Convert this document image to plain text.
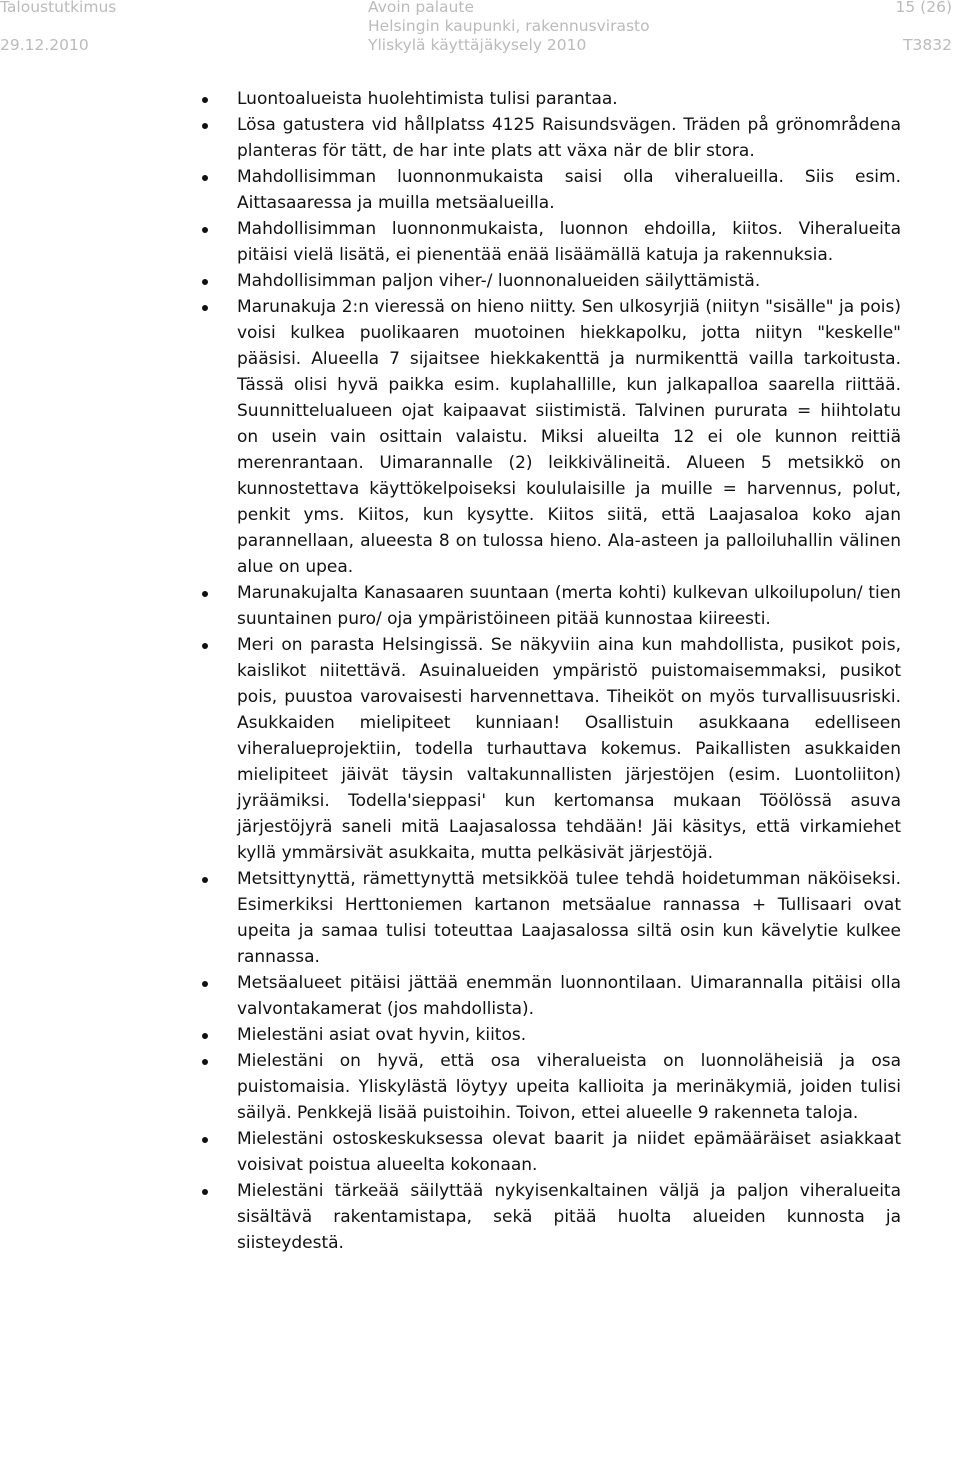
Taloustutkimus
29.12.2010
Avoin palaute
Helsingin kaupunki, rakennusvirasto
Yliskylä käyttäjäkysely 2010
15 (26)
T3832
Luontoalueista huolehtimista tulisi parantaa.
Lösa gatustera vid hållplatss 4125 Raisundsvägen. Träden på grönområdena planteras för tätt, de har inte plats att växa när de blir stora.
Mahdollisimman luonnonmukaista saisi olla viheralueilla. Siis esim. Aittasaaressa ja muilla metsäalueilla.
Mahdollisimman luonnonmukaista, luonnon ehdoilla, kiitos. Viheralueita pitäisi vielä lisätä, ei pienentää enää lisäämällä katuja ja rakennuksia.
Mahdollisimman paljon viher-/ luonnonalueiden säilyttämistä.
Marunakuja 2:n vieressä on hieno niitty. Sen ulkosyrjiä (niityn "sisälle" ja pois) voisi kulkea puolikaaren muotoinen hiekkapolku, jotta niityn "keskelle" pääsisi. Alueella 7 sijaitsee hiekkakenttä ja nurmikenttä vailla tarkoitusta. Tässä olisi hyvä paikka esim. kuplahallille, kun jalkapalloa saarella riittää. Suunnittelualueen ojat kaipaavat siistimistä. Talvinen pururata = hiihtolatu on usein vain osittain valaistu. Miksi alueilta 12 ei ole kunnon reittiä merenrantaan. Uimarannalle (2) leikkivälineitä. Alueen 5 metsikkö on kunnostettava käyttökelpoiseksi koululaisille ja muille = harvennus, polut, penkit yms. Kiitos, kun kysytte. Kiitos siitä, että Laajasaloa koko ajan parannellaan, alueesta 8 on tulossa hieno. Ala-asteen ja palloiluhallin välinen alue on upea.
Marunakujalta Kanasaaren suuntaan (merta kohti) kulkevan ulkoilupolun/ tien suuntainen puro/ oja ympäristöineen pitää kunnostaa kiireesti.
Meri on parasta Helsingissä. Se näkyviin aina kun mahdollista, pusikot pois, kaislikot niitettävä. Asuinalueiden ympäristö puistomaisemmaksi, pusikot pois, puustoa varovaisesti harvennettava. Tiheiköt on myös turvallisuusriski. Asukkaiden mielipiteet kunniaan! Osallistuin asukkaana edelliseen viheralueprojektiin, todella turhauttava kokemus. Paikallisten asukkaiden mielipiteet jäivät täysin valtakunnallisten järjestöjen (esim. Luontoliiton) jyräämiksi. Todella'sieppasi' kun kertomansa mukaan Töölössä asuva järjestöjyrä saneli mitä Laajasalossa tehdään! Jäi käsitys, että virkamiehet kyllä ymmärsivät asukkaita, mutta pelkäsivät järjestöjä.
Metsittynyttä, rämettynyttä metsikköä tulee tehdä hoidetumman näköiseksi. Esimerkiksi Herttoniemen kartanon metsäalue rannassa + Tullisaari ovat upeita ja samaa tulisi toteuttaa Laajasalossa siltä osin kun kävelytie kulkee rannassa.
Metsäalueet pitäisi jättää enemmän luonnontilaan. Uimarannalla pitäisi olla valvontakamerat (jos mahdollista).
Mielestäni asiat ovat hyvin, kiitos.
Mielestäni on hyvä, että osa viheralueista on luonnoläheisiä ja osa puistomaisia. Yliskylästä löytyy upeita kallioita ja merinäkymiä, joiden tulisi säilyä. Penkkejä lisää puistoihin. Toivon, ettei alueelle 9 rakenneta taloja.
Mielestäni ostoskeskuksessa olevat baarit ja niidet epämääräiset asiakkaat voisivat poistua alueelta kokonaan.
Mielestäni tärkeää säilyttää nykyisenkaltainen väljä ja paljon viheralueita sisältävä rakentamistapa, sekä pitää huolta alueiden kunnosta ja siisteydestä.
